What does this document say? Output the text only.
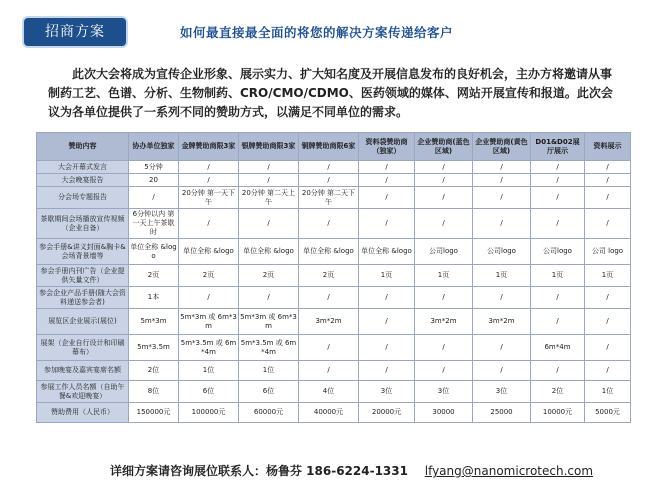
招商方案	如何最直接最全面的将您的解决方案传递给客户
此次大会将成为宣传企业形象、展示实力、扩大知名度及开展信息发布的良好机会，主办方将邀请从事制药工艺、色谱、分析、生物制药、CRO/CMO/CDMO、医药领域的媒体、网站开展宣传和报道。此次会议为各单位提供了一系列不同的赞助方式，以满足不同单位的需求。
赞助内容	协办单位独家	金牌赞助商限3家	银牌赞助商限3家	铜牌赞助商限6家	资料袋赞助商（独家）	企业赞助商(蓝色区域)	企业赞助商(黄色区域)	D01&D02展厅展示	资料展示
大会开幕式发言	5分钟	/	/	/	/	/	/	/	/
大会晚宴报告	20	/	/	/	/	/	/	/	/
分会场专题报告	/	20分钟 第一天下午	20分钟 第二天上午	20分钟 第二天下午	/	/	/	/	/
茶歇期间会场播放宣传视频（企业自备）	6分钟以内 第一天上午茶歇时	/	/	/	/	/	/	/	/
参会手册&讲义封面&胸卡&会场背景墙等	单位全称 &logo	单位全称 &logo	单位全称 &logo	单位全称 &logo	单位全称 &logo	公司logo	公司logo	公司logo	公司 logo
参会手册内刊广告（企业提供矢量文件）	2页	2页	2页	2页	1页	1页	1页	1页	1页
参会企业产品手册(随大会资料递送参会者)	1本	/	/	/	/	/	/	/	/
展览区企业展示(展位)	5m*3m	5m*3m 或 6m*3m	5m*3m 或 6m*3m	3m*2m	/	3m*2m	3m*2m	/	/
展架（企业自行设计和印刷幕布）	5m*3.5m	5m*3.5m 或 6m*4m	5m*3.5m 或 6m*4m	/	/	/	/	6m*4m	/
参加晚宴及嘉宾宴席名额	2位	1位	1位	/	/	/	/	/	/
参展工作人员名额（自助午餐&欢迎晚宴）	8位	6位	6位	4位	3位	3位	3位	2位	1位
赞助费用（人民币）	150000元	100000元	60000元	40000元	20000元	30000	25000	10000元	5000元
详细方案请咨询展位联系人：杨鲁芬 186-6224-1331 lfyang@nanomicrotech.com
